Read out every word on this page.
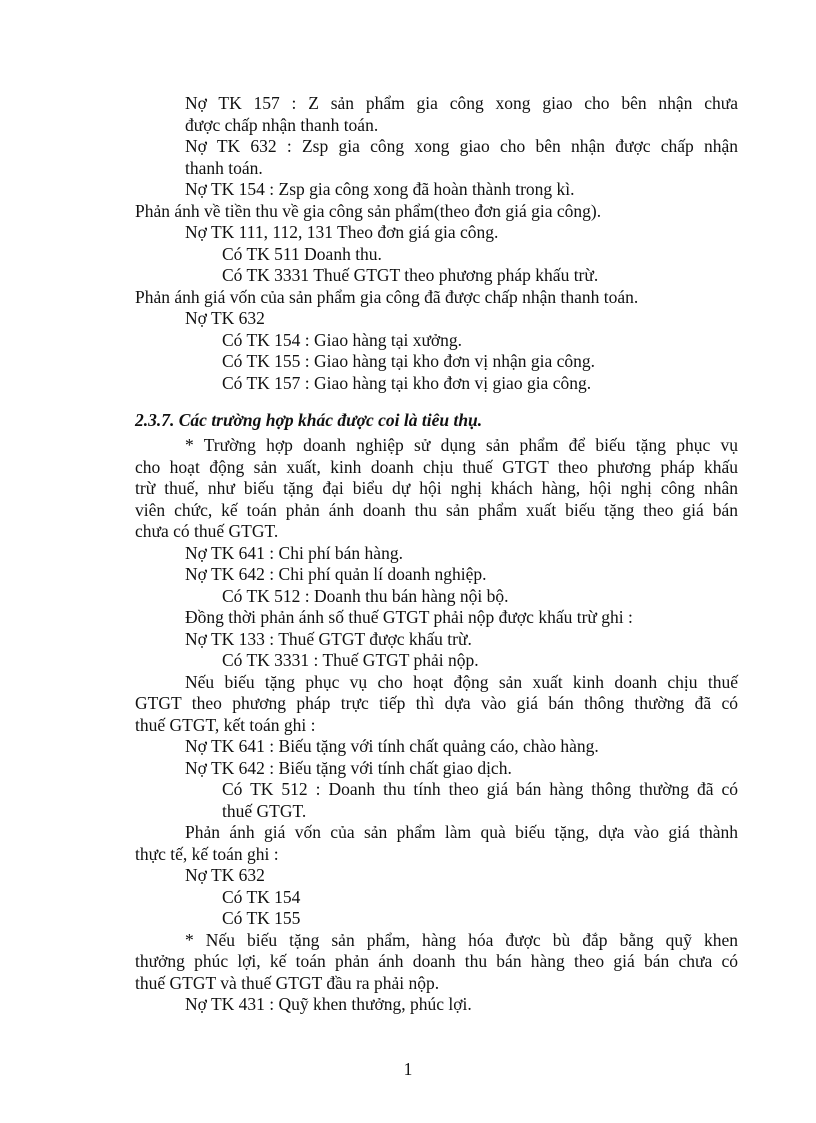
Nợ TK 157 : Z sản phẩm gia công xong giao cho bên nhận chưa
được chấp nhận thanh toán.
Nợ TK 632 : Zsp gia công xong giao cho bên nhận được chấp nhận
thanh toán.
Nợ TK 154 : Zsp gia công xong đã hoàn thành trong kì.
Phản ánh về tiền thu về gia công sản phẩm(theo đơn giá gia công).
Nợ TK 111, 112, 131 Theo đơn giá gia công.
Có TK 511 Doanh thu.
Có TK 3331 Thuế GTGT theo phương pháp khấu trừ.
Phản ánh giá vốn của sản phẩm gia công đã được chấp nhận thanh toán.
Nợ TK 632
Có TK 154 : Giao hàng tại xưởng.
Có TK 155 : Giao hàng tại kho đơn vị nhận gia công.
Có TK 157 : Giao hàng tại kho đơn vị giao gia công.
2.3.7. Các trường hợp khác được coi là tiêu thụ.
* Trường hợp doanh nghiệp sử dụng sản phẩm để biếu tặng phục vụ
cho hoạt động sản xuất, kinh doanh chịu thuế GTGT theo phương pháp khấu
trừ thuế, như biếu tặng đại biểu dự hội nghị khách hàng, hội nghị công nhân
viên chức, kế toán phản ánh doanh thu sản phẩm xuất biếu tặng theo giá bán
chưa có thuế GTGT.
Nợ TK 641 : Chi phí bán hàng.
Nợ TK 642 : Chi phí quản lí doanh nghiệp.
Có TK 512 : Doanh thu bán hàng nội bộ.
Đồng thời phản ánh số thuế GTGT phải nộp được khấu trừ ghi :
Nợ TK 133 : Thuế GTGT được khấu trừ.
Có TK 3331 : Thuế GTGT phải nộp.
Nếu biếu tặng phục vụ cho hoạt động sản xuất kinh doanh chịu thuế
GTGT theo phương pháp trực tiếp thì dựa vào giá bán thông thường đã có
thuế GTGT, kết toán ghi :
Nợ TK 641 : Biếu tặng với tính chất quảng cáo, chào hàng.
Nợ TK 642 : Biếu tặng với tính chất giao dịch.
Có TK 512 : Doanh thu tính theo giá bán hàng thông thường đã có
thuế GTGT.
Phản ánh giá vốn của sản phẩm làm quà biếu tặng, dựa vào giá thành
thực tế, kế toán ghi :
Nợ TK 632
Có TK 154
Có TK 155
* Nếu biếu tặng sản phẩm, hàng hóa được bù đắp bằng quỹ khen
thưởng phúc lợi, kế toán phản ánh doanh thu bán hàng theo giá bán chưa có
thuế GTGT và thuế GTGT đầu ra phải nộp.
Nợ TK 431 : Quỹ khen thưởng, phúc lợi.
1
